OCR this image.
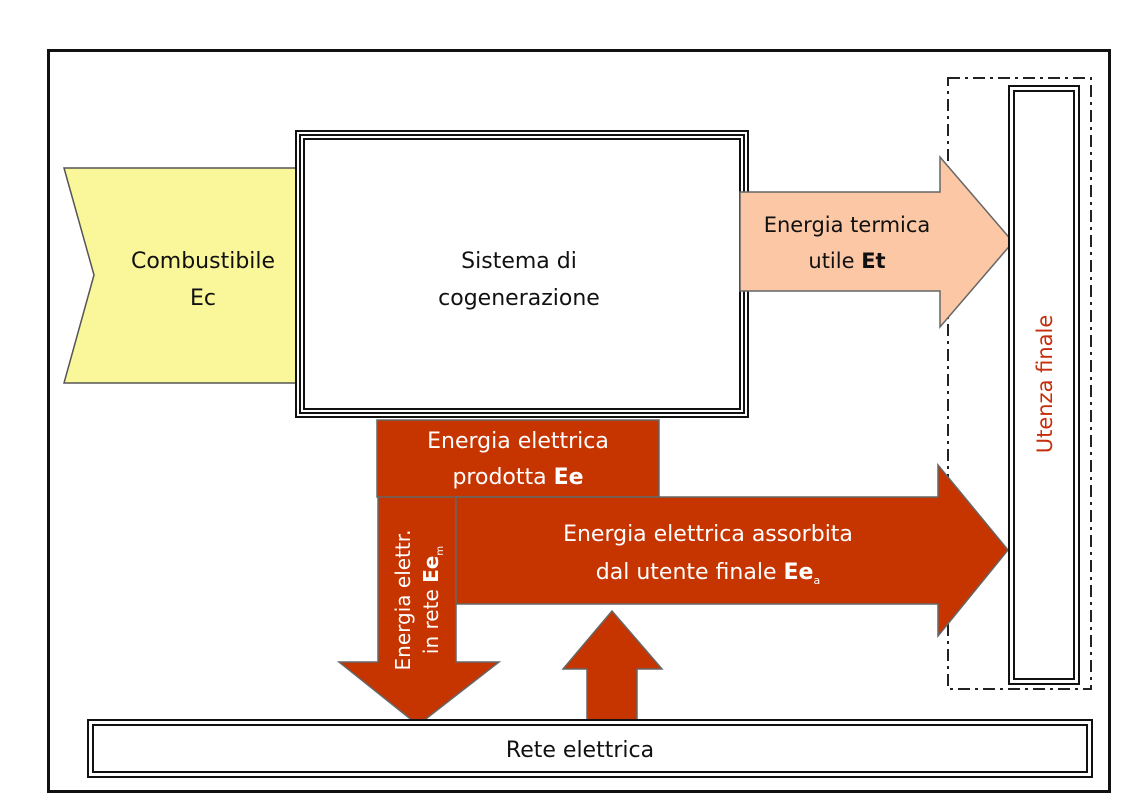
Combustibile
Ec
Sistema di
cogenerazione
Energia termica
utile Et
Energia elettrica
prodotta Ee
Energia elettrica assorbita
dal utente finale $Ee_a$
Energia elettr. in rete $Ee_m$
Utenza finale
Rete elettrica
